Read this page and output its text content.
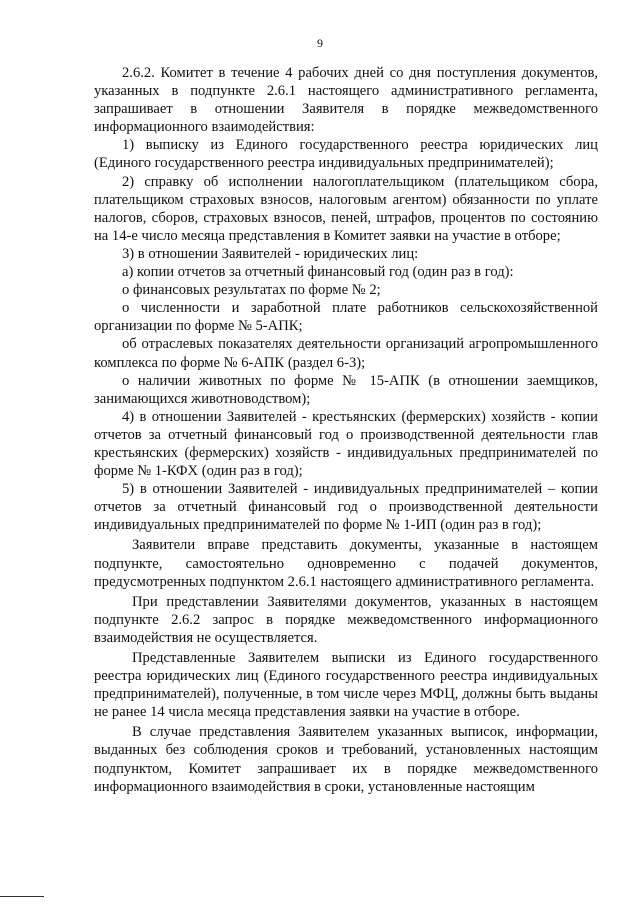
9

2.6.2. Комитет в течение 4 рабочих дней со дня поступления документов, указанных в подпункте 2.6.1 настоящего административного регламента, запрашивает в отношении Заявителя в порядке межведомственного информационного взаимодействия:

1) выписку из Единого государственного реестра юридических лиц (Единого государственного реестра индивидуальных предпринимателей);

2) справку об исполнении налогоплательщиком (плательщиком сбора, плательщиком страховых взносов, налоговым агентом) обязанности по уплате налогов, сборов, страховых взносов, пеней, штрафов, процентов по состоянию на 14-е число месяца представления в Комитет заявки на участие в отборе;

3) в отношении Заявителей - юридических лиц:

а) копии отчетов за отчетный финансовый год (один раз в год):

о финансовых результатах по форме № 2;

о численности и заработной плате работников сельскохозяйственной организации по форме № 5-АПК;

об отраслевых показателях деятельности организаций агропромышленного комплекса по форме № 6-АПК (раздел 6-3);

о наличии животных по форме № 15-АПК (в отношении заемщиков, занимающихся животноводством);

4) в отношении Заявителей - крестьянских (фермерских) хозяйств - копии отчетов за отчетный финансовый год о производственной деятельности глав крестьянских (фермерских) хозяйств - индивидуальных предпринимателей по форме № 1-КФХ (один раз в год);

5) в отношении Заявителей - индивидуальных предпринимателей – копии отчетов за отчетный финансовый год о производственной деятельности индивидуальных предпринимателей по форме № 1-ИП (один раз в год);

Заявители вправе представить документы, указанные в настоящем подпункте, самостоятельно одновременно с подачей документов, предусмотренных подпунктом 2.6.1 настоящего административного регламента.

При представлении Заявителями документов, указанных в настоящем подпункте 2.6.2 запрос в порядке межведомственного информационного взаимодействия не осуществляется.

Представленные Заявителем выписки из Единого государственного реестра юридических лиц (Единого государственного реестра индивидуальных предпринимателей), полученные, в том числе через МФЦ, должны быть выданы не ранее 14 числа месяца представления заявки на участие в отборе.

В случае представления Заявителем указанных выписок, информации, выданных без соблюдения сроков и требований, установленных настоящим подпунктом, Комитет запрашивает их в порядке межведомственного информационного взаимодействия в сроки, установленные настоящим
